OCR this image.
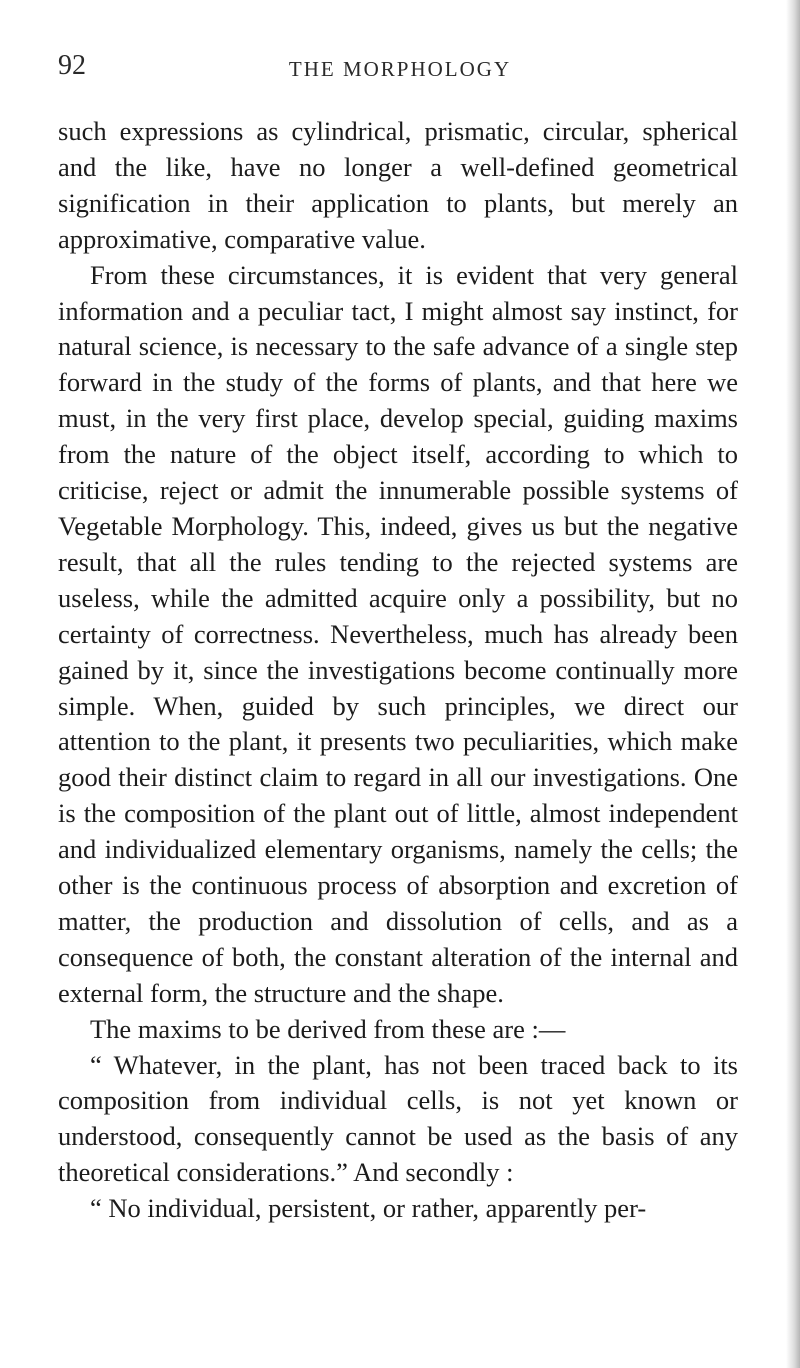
92	THE MORPHOLOGY

such expressions as cylindrical, prismatic, circular, spherical and the like, have no longer a well-defined geometrical signification in their application to plants, but merely an approximative, comparative value.

From these circumstances, it is evident that very general information and a peculiar tact, I might almost say instinct, for natural science, is necessary to the safe advance of a single step forward in the study of the forms of plants, and that here we must, in the very first place, develop special, guiding maxims from the nature of the object itself, according to which to criticise, reject or admit the innumerable possible systems of Vegetable Morphology. This, indeed, gives us but the negative result, that all the rules tending to the rejected systems are useless, while the admitted acquire only a possibility, but no certainty of correctness. Nevertheless, much has already been gained by it, since the investigations become continually more simple. When, guided by such principles, we direct our attention to the plant, it presents two peculiarities, which make good their distinct claim to regard in all our investigations. One is the composition of the plant out of little, almost independent and individualized elementary organisms, namely the cells; the other is the continuous process of absorption and excretion of matter, the production and dissolution of cells, and as a consequence of both, the constant alteration of the internal and external form, the structure and the shape.

The maxims to be derived from these are :—

“ Whatever, in the plant, has not been traced back to its composition from individual cells, is not yet known or understood, consequently cannot be used as the basis of any theoretical considerations.” And secondly :

“ No individual, persistent, or rather, apparently per-
